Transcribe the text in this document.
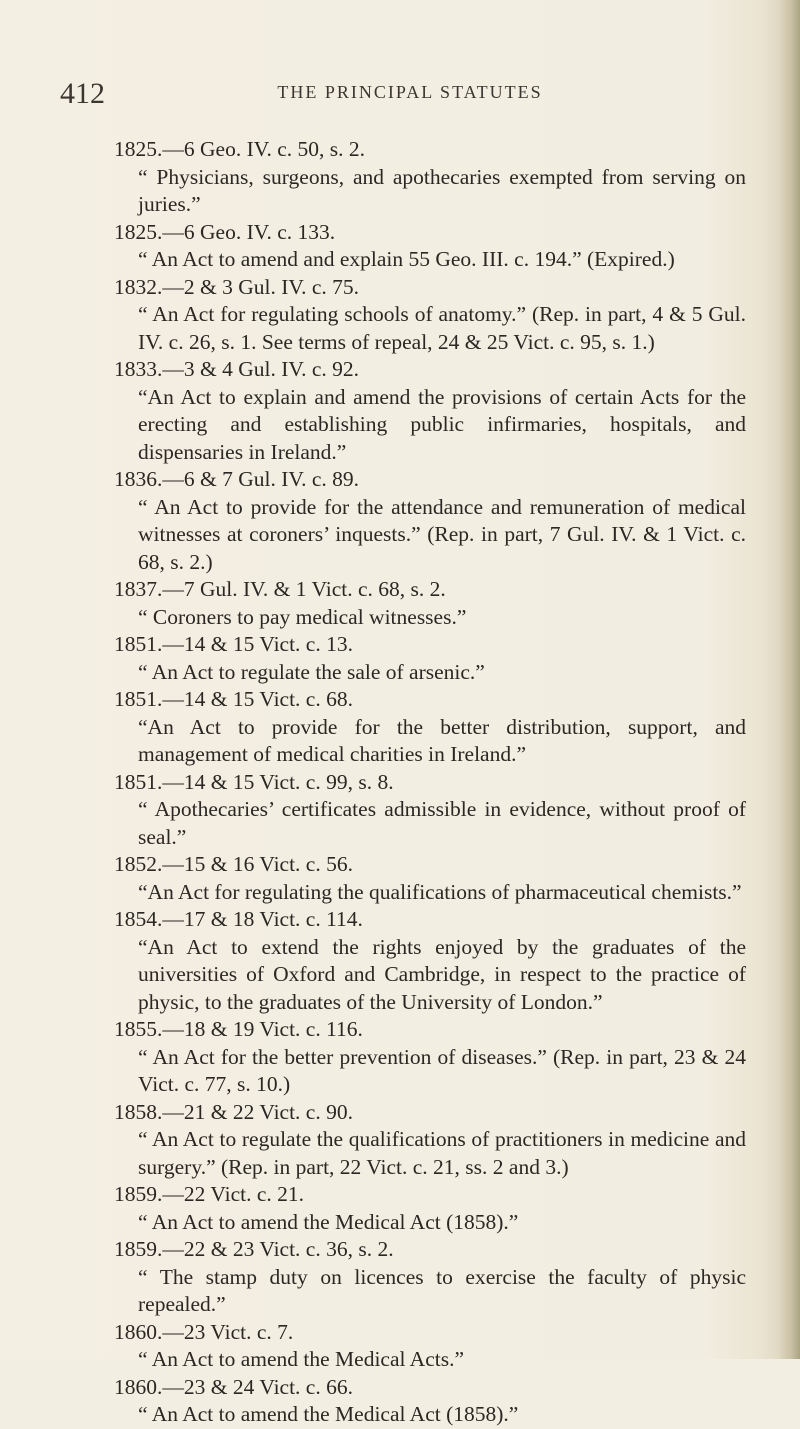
412	THE PRINCIPAL STATUTES

1825.—6 Geo. IV. c. 50, s. 2.

“ Physicians, surgeons, and apothecaries exempted from serving on juries.”

1825.—6 Geo. IV. c. 133.

“ An Act to amend and explain 55 Geo. III. c. 194.” (Expired.)

1832.—2 & 3 Gul. IV. c. 75.

“ An Act for regulating schools of anatomy.” (Rep. in part, 4 & 5 Gul. IV. c. 26, s. 1. See terms of repeal, 24 & 25 Vict. c. 95, s. 1.)

1833.—3 & 4 Gul. IV. c. 92.

“An Act to explain and amend the provisions of certain Acts for the erecting and establishing public infirmaries, hospitals, and dispensaries in Ireland.”

1836.—6 & 7 Gul. IV. c. 89.

“ An Act to provide for the attendance and remuneration of medical witnesses at coroners’ inquests.” (Rep. in part, 7 Gul. IV. & 1 Vict. c. 68, s. 2.)

1837.—7 Gul. IV. & 1 Vict. c. 68, s. 2.

“ Coroners to pay medical witnesses.”

1851.—14 & 15 Vict. c. 13.

“ An Act to regulate the sale of arsenic.”

1851.—14 & 15 Vict. c. 68.

“An Act to provide for the better distribution, support, and management of medical charities in Ireland.”

1851.—14 & 15 Vict. c. 99, s. 8.

“ Apothecaries’ certificates admissible in evidence, without proof of seal.”

1852.—15 & 16 Vict. c. 56.

“An Act for regulating the qualifications of pharmaceutical chemists.”

1854.—17 & 18 Vict. c. 114.

“An Act to extend the rights enjoyed by the graduates of the universities of Oxford and Cambridge, in respect to the practice of physic, to the graduates of the University of London.”

1855.—18 & 19 Vict. c. 116.

“ An Act for the better prevention of diseases.” (Rep. in part, 23 & 24 Vict. c. 77, s. 10.)

1858.—21 & 22 Vict. c. 90.

“ An Act to regulate the qualifications of practitioners in medicine and surgery.” (Rep. in part, 22 Vict. c. 21, ss. 2 and 3.)

1859.—22 Vict. c. 21.

“ An Act to amend the Medical Act (1858).”

1859.—22 & 23 Vict. c. 36, s. 2.

“ The stamp duty on licences to exercise the faculty of physic repealed.”

1860.—23 Vict. c. 7.

“ An Act to amend the Medical Acts.”

1860.—23 & 24 Vict. c. 66.

“ An Act to amend the Medical Act (1858).”
